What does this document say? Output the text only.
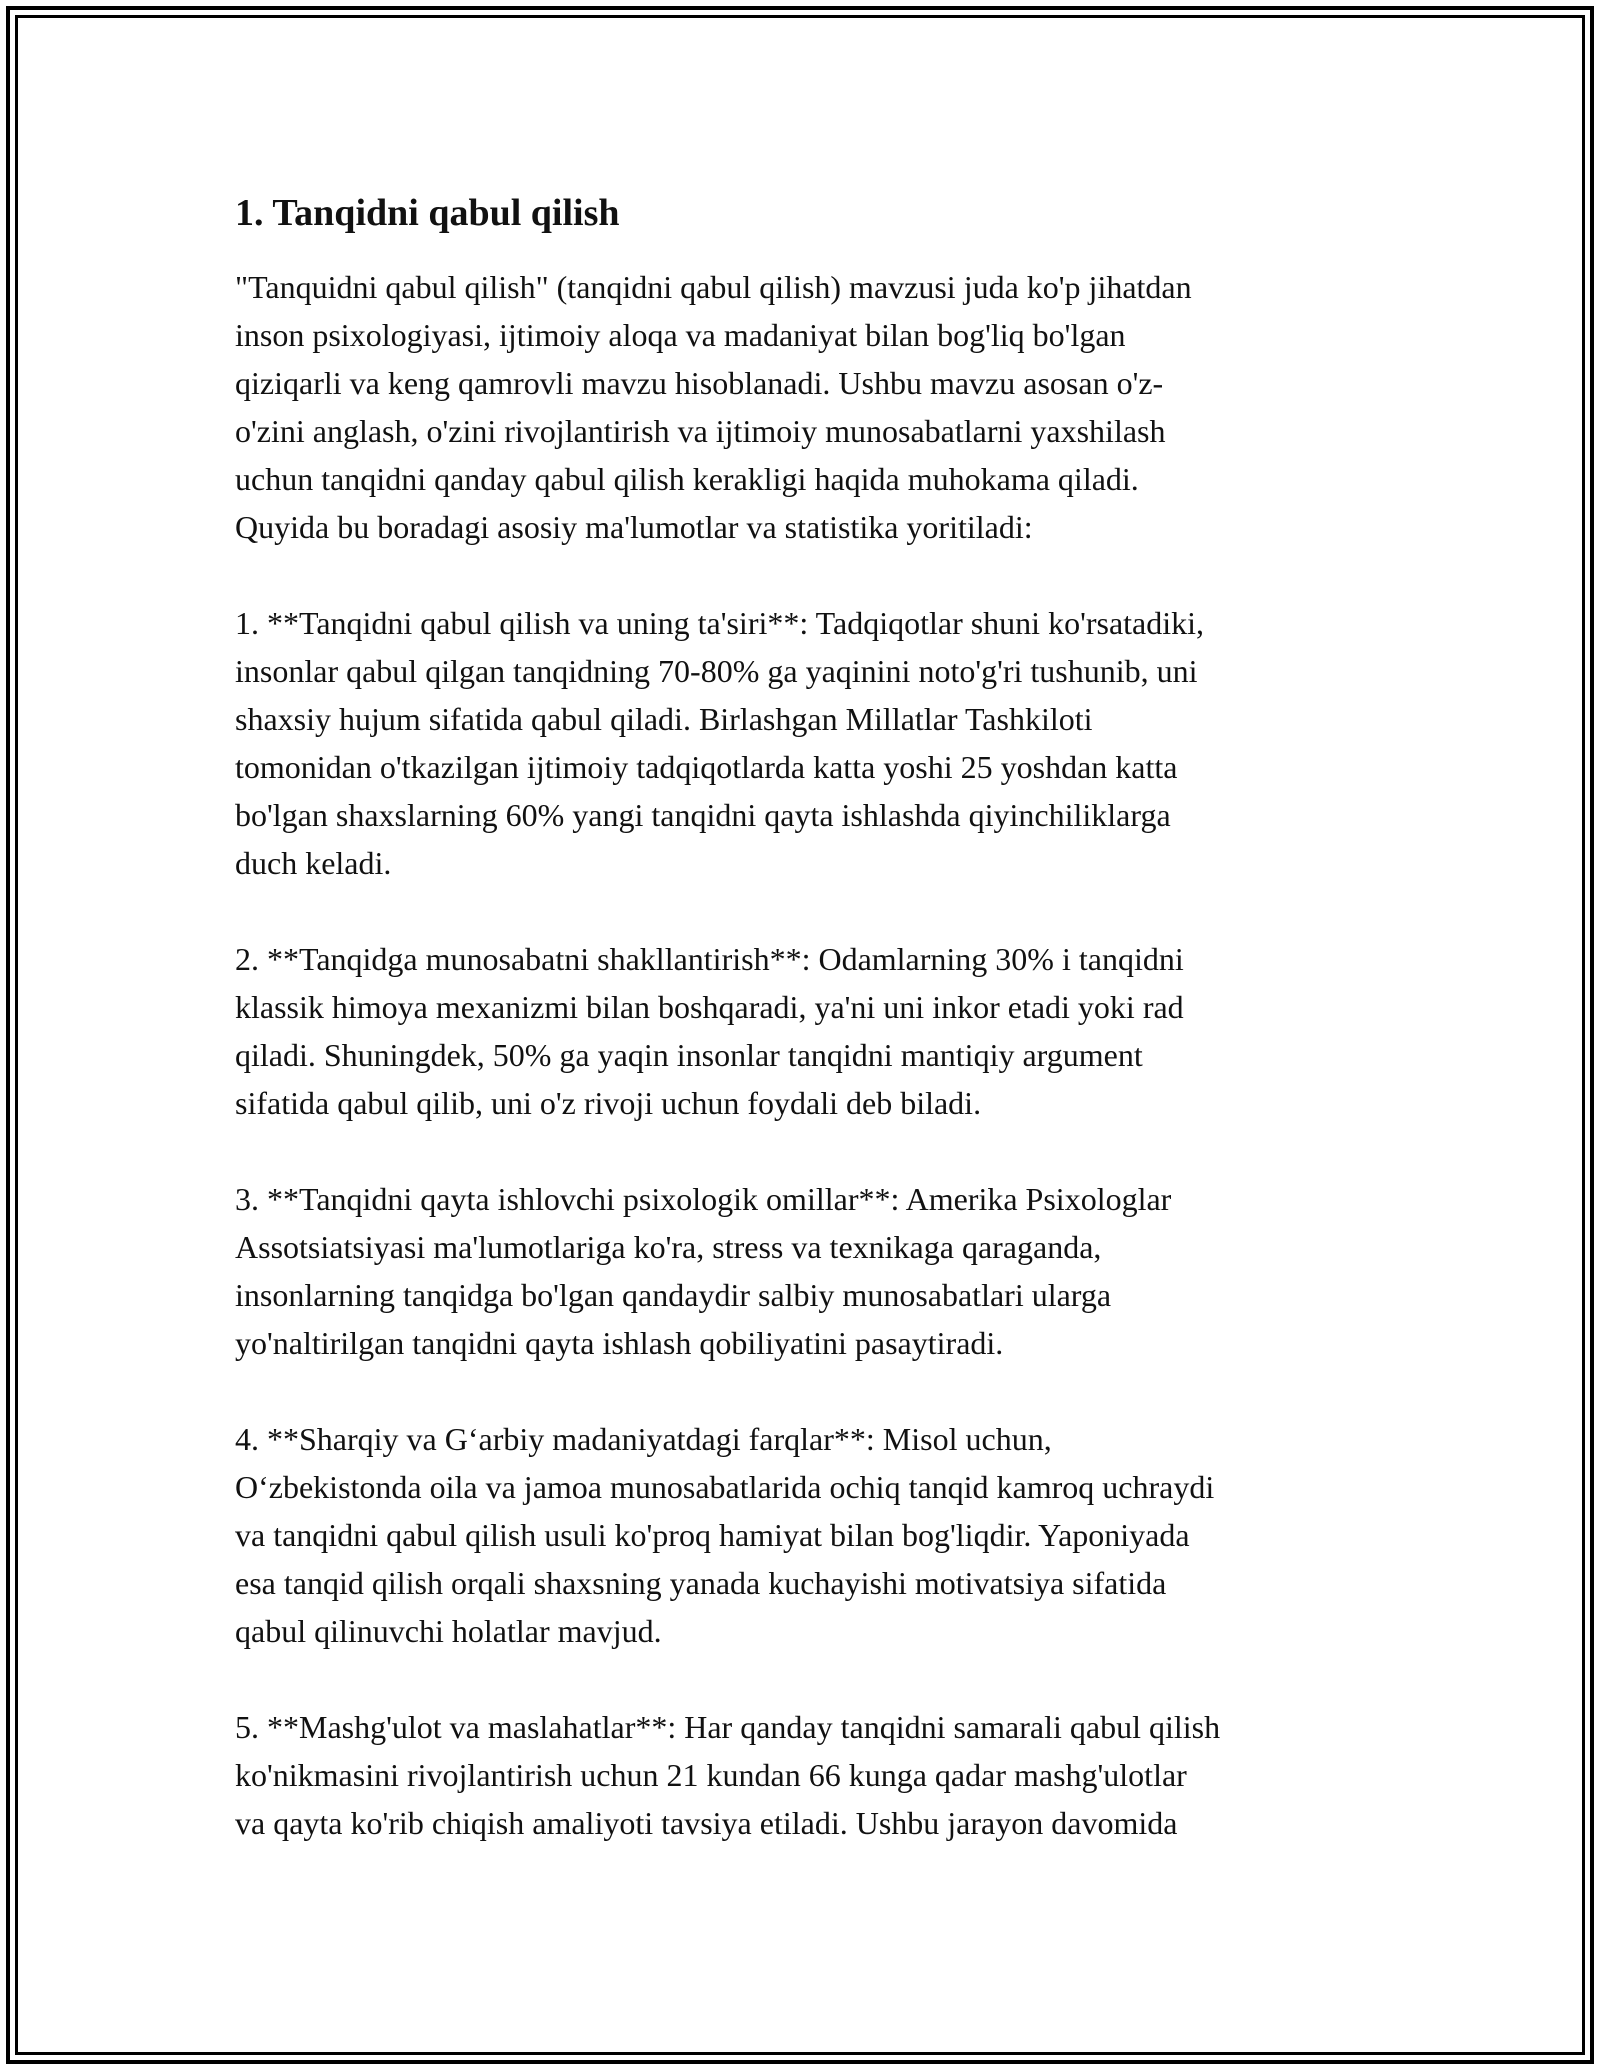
1. Tanqidni qabul qilish

"Tanquidni qabul qilish" (tanqidni qabul qilish) mavzusi juda ko'p jihatdan
inson psixologiyasi, ijtimoiy aloqa va madaniyat bilan bog'liq bo'lgan
qiziqarli va keng qamrovli mavzu hisoblanadi. Ushbu mavzu asosan o'z-
o'zini anglash, o'zini rivojlantirish va ijtimoiy munosabatlarni yaxshilash
uchun tanqidni qanday qabul qilish kerakligi haqida muhokama qiladi.
Quyida bu boradagi asosiy ma'lumotlar va statistika yoritiladi:

1. **Tanqidni qabul qilish va uning ta'siri**: Tadqiqotlar shuni ko'rsatadiki,
insonlar qabul qilgan tanqidning 70-80% ga yaqinini noto'g'ri tushunib, uni
shaxsiy hujum sifatida qabul qiladi. Birlashgan Millatlar Tashkiloti
tomonidan o'tkazilgan ijtimoiy tadqiqotlarda katta yoshi 25 yoshdan katta
bo'lgan shaxslarning 60% yangi tanqidni qayta ishlashda qiyinchiliklarga
duch keladi.

2. **Tanqidga munosabatni shakllantirish**: Odamlarning 30% i tanqidni
klassik himoya mexanizmi bilan boshqaradi, ya'ni uni inkor etadi yoki rad
qiladi. Shuningdek, 50% ga yaqin insonlar tanqidni mantiqiy argument
sifatida qabul qilib, uni o'z rivoji uchun foydali deb biladi.

3. **Tanqidni qayta ishlovchi psixologik omillar**: Amerika Psixologlar
Assotsiatsiyasi ma'lumotlariga ko'ra, stress va texnikaga qaraganda,
insonlarning tanqidga bo'lgan qandaydir salbiy munosabatlari ularga
yo'naltirilgan tanqidni qayta ishlash qobiliyatini pasaytiradi.

4. **Sharqiy va G‘arbiy madaniyatdagi farqlar**: Misol uchun,
O‘zbekistonda oila va jamoa munosabatlarida ochiq tanqid kamroq uchraydi
va tanqidni qabul qilish usuli ko'proq hamiyat bilan bog'liqdir. Yaponiyada
esa tanqid qilish orqali shaxsning yanada kuchayishi motivatsiya sifatida
qabul qilinuvchi holatlar mavjud.

5. **Mashg'ulot va maslahatlar**: Har qanday tanqidni samarali qabul qilish
ko'nikmasini rivojlantirish uchun 21 kundan 66 kunga qadar mashg'ulotlar
va qayta ko'rib chiqish amaliyoti tavsiya etiladi. Ushbu jarayon davomida
